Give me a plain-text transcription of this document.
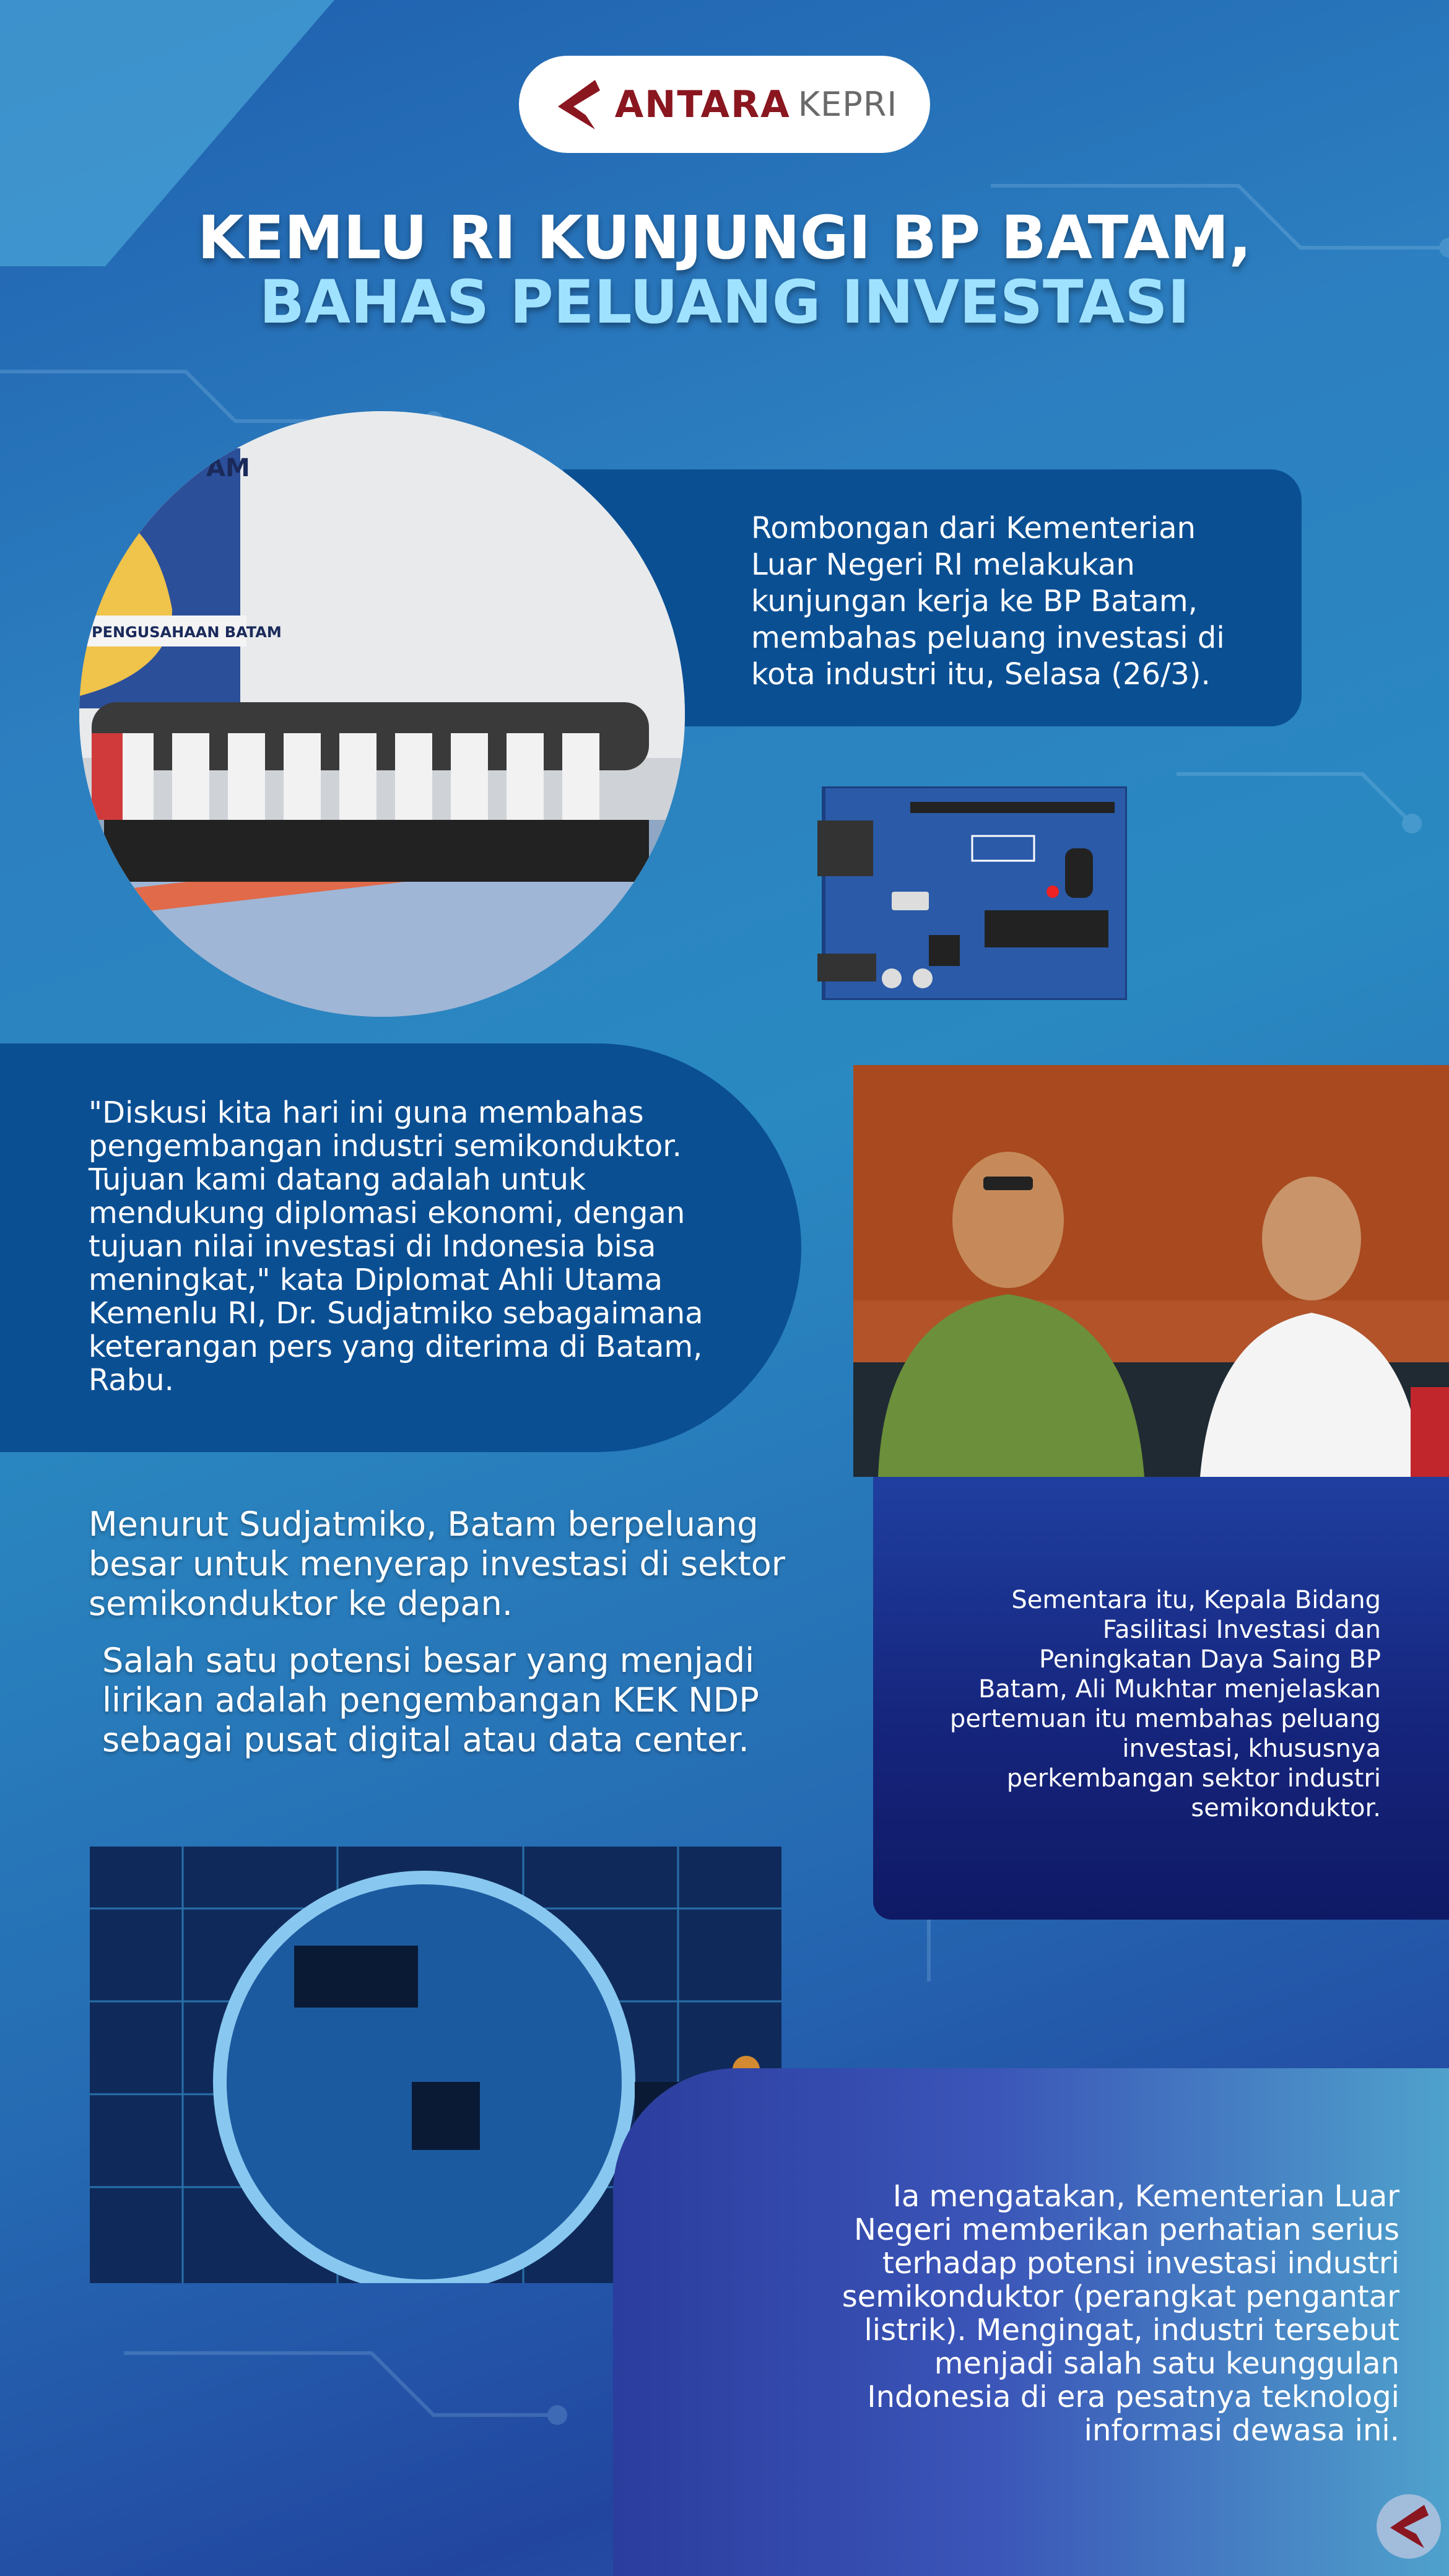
ANTARA KEPRI
KEMLU RI KUNJUNGI BP BATAM,
BAHAS PELUANG INVESTASI
Rombongan dari Kementerian Luar Negeri RI melakukan kunjungan kerja ke BP Batam, membahas peluang investasi di kota industri itu, Selasa (26/3).
PENGUSAHAAN BATAM
AM
"Diskusi kita hari ini guna membahas pengembangan industri semikonduktor. Tujuan kami datang adalah untuk mendukung diplomasi ekonomi, dengan tujuan nilai investasi di Indonesia bisa meningkat," kata Diplomat Ahli Utama Kemenlu RI, Dr. Sudjatmiko sebagaimana keterangan pers yang diterima di Batam, Rabu.
Sementara itu, Kepala Bidang Fasilitasi Investasi dan Peningkatan Daya Saing BP Batam, Ali Mukhtar menjelaskan pertemuan itu membahas peluang investasi, khususnya perkembangan sektor industri semikonduktor.
Menurut Sudjatmiko, Batam berpeluang besar untuk menyerap investasi di sektor semikonduktor ke depan.
Salah satu potensi besar yang menjadi lirikan adalah pengembangan KEK NDP sebagai pusat digital atau data center.
Ia mengatakan, Kementerian Luar Negeri memberikan perhatian serius terhadap potensi investasi industri semikonduktor (perangkat pengantar listrik). Mengingat, industri tersebut menjadi salah satu keunggulan Indonesia di era pesatnya teknologi informasi dewasa ini.
